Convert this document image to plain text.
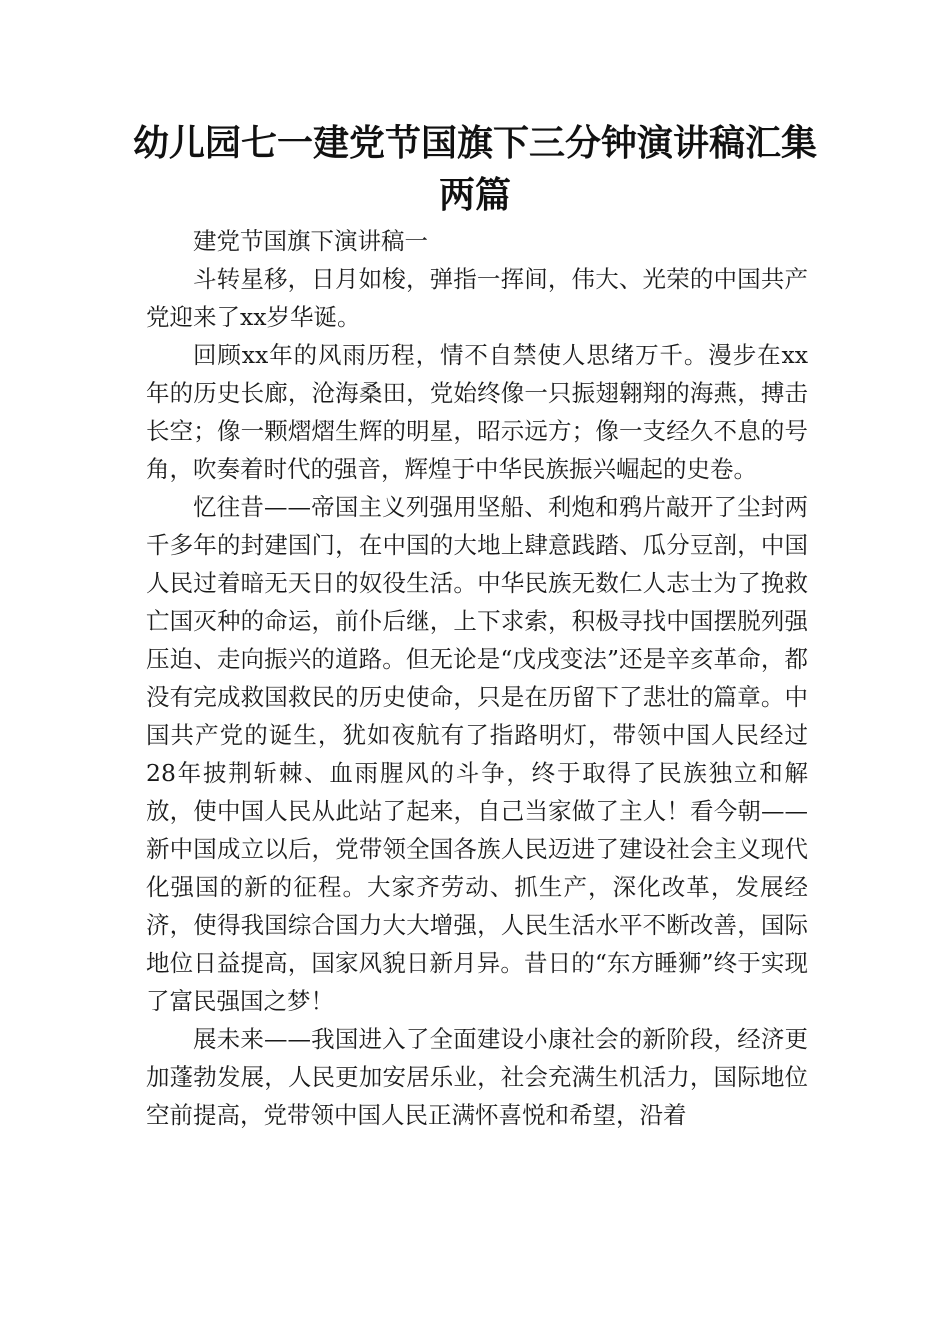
幼儿园七一建党节国旗下三分钟演讲稿汇集两篇

建党节国旗下演讲稿一

斗转星移，日月如梭，弹指一挥间，伟大、光荣的中国共产党迎来了xx岁华诞。

回顾xx年的风雨历程，情不自禁使人思绪万千。漫步在xx年的历史长廊，沧海桑田，党始终像一只振翅翱翔的海燕，搏击长空；像一颗熠熠生辉的明星，昭示远方；像一支经久不息的号角，吹奏着时代的强音，辉煌于中华民族振兴崛起的史卷。

忆往昔——帝国主义列强用坚船、利炮和鸦片敲开了尘封两千多年的封建国门，在中国的大地上肆意践踏、瓜分豆剖，中国人民过着暗无天日的奴役生活。中华民族无数仁人志士为了挽救亡国灭种的命运，前仆后继，上下求索，积极寻找中国摆脱列强压迫、走向振兴的道路。但无论是“戊戌变法”还是辛亥革命，都没有完成救国救民的历史使命，只是在历留下了悲壮的篇章。中国共产党的诞生，犹如夜航有了指路明灯，带领中国人民经过28年披荆斩棘、血雨腥风的斗争，终于取得了民族独立和解放，使中国人民从此站了起来，自己当家做了主人！看今朝——新中国成立以后，党带领全国各族人民迈进了建设社会主义现代化强国的新的征程。大家齐劳动、抓生产，深化改革，发展经济，使得我国综合国力大大增强，人民生活水平不断改善，国际地位日益提高，国家风貌日新月异。昔日的“东方睡狮”终于实现了富民强国之梦！

展未来——我国进入了全面建设小康社会的新阶段，经济更加蓬勃发展，人民更加安居乐业，社会充满生机活力，国际地位空前提高，党带领中国人民正满怀喜悦和希望，沿着
